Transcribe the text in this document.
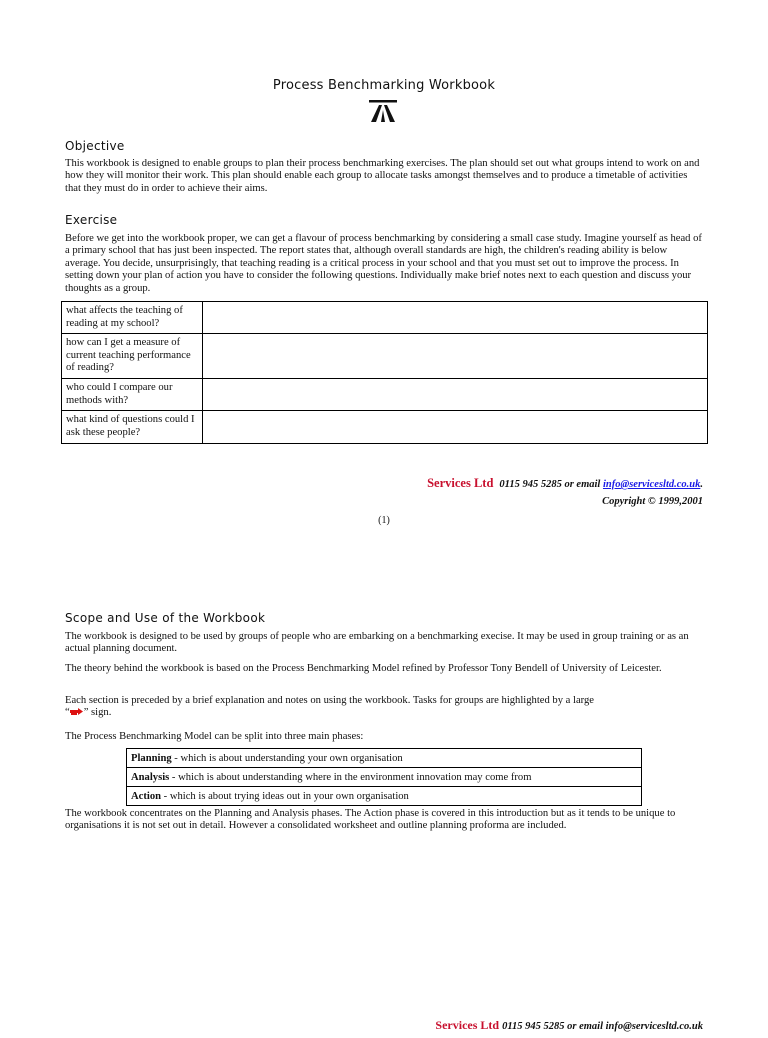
Process Benchmarking Workbook
Objective
This workbook is designed to enable groups to plan their process benchmarking exercises. The plan should set out what groups intend to work on and how they will monitor their work. This plan should enable each group to allocate tasks amongst themselves and to produce a timetable of activities that they must do in order to achieve their aims.
Exercise
Before we get into the workbook proper, we can get a flavour of process benchmarking by considering a small case study. Imagine yourself as head of a primary school that has just been inspected. The report states that, although overall standards are high, the children's reading ability is below average. You decide, unsurprisingly, that teaching reading is a critical process in your school and that you must set out to improve the process. In setting down your plan of action you have to consider the following questions. Individually make brief notes next to each question and discuss your thoughts as a group.
what affects the teaching of reading at my school?	
how can I get a measure of current teaching performance of reading?	
who could I compare our methods with?	
what kind of questions could I ask these people?	
Services Ltd 0115 945 5285 or email info@servicesltd.co.uk.
Copyright © 1999,2001
(1)
Scope and Use of the Workbook
The workbook is designed to be used by groups of people who are embarking on a benchmarking execise. It may be used in group training or as an actual planning document.
The theory behind the workbook is based on the Process Benchmarking Model refined by Professor Tony Bendell of University of Leicester.
Each section is preceded by a brief explanation and notes on using the workbook. Tasks for groups are highlighted by a large
“ ” sign.
The Process Benchmarking Model can be split into three main phases:
Planning - which is about understanding your own organisation
Analysis - which is about understanding where in the environment innovation may come from
Action - which is about trying ideas out in your own organisation
The workbook concentrates on the Planning and Analysis phases. The Action phase is covered in this introduction but as it tends to be unique to organisations it is not set out in detail. However a consolidated worksheet and outline planning proforma are included.
Services Ltd 0115 945 5285 or email info@servicesltd.co.uk
